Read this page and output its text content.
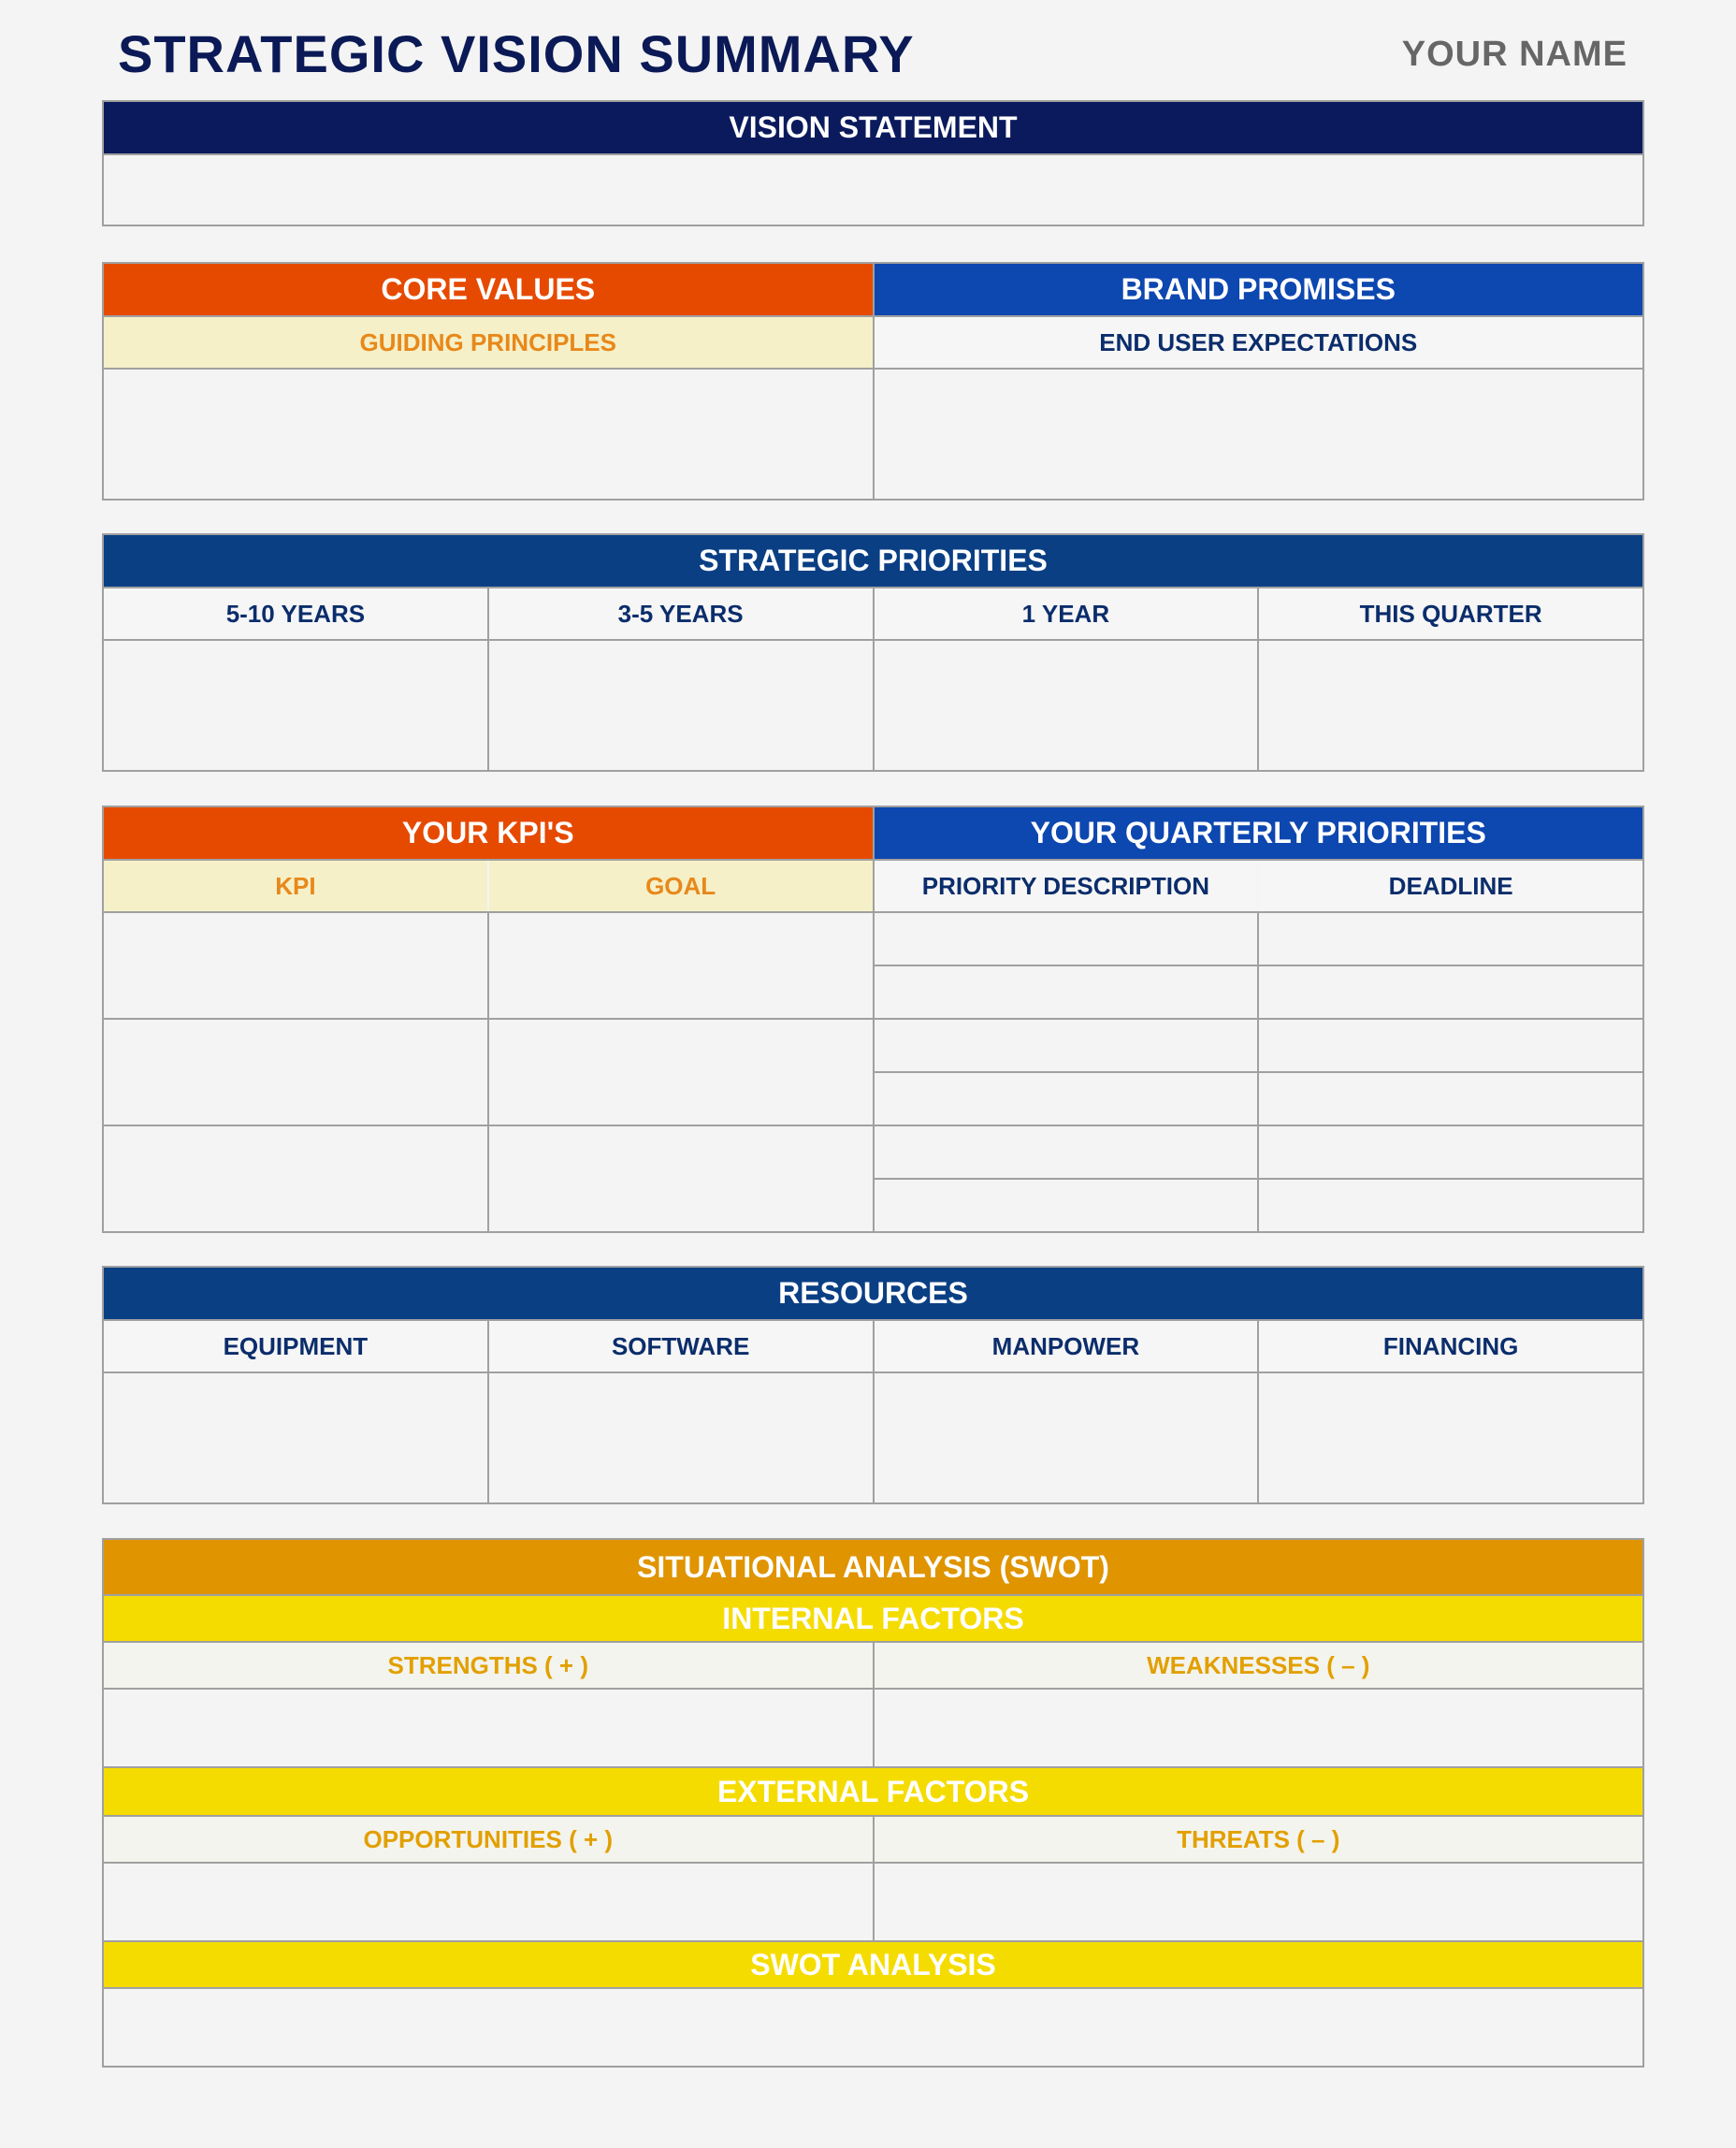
STRATEGIC VISION SUMMARY	YOUR NAME
VISION STATEMENT

CORE VALUES	BRAND PROMISES
GUIDING PRINCIPLES	END USER EXPECTATIONS

STRATEGIC PRIORITIES			
5-10 YEARS	3-5 YEARS	1 YEAR	THIS QUARTER

YOUR KPI'S		YOUR QUARTERLY PRIORITIES	
KPI	GOAL	PRIORITY DESCRIPTION	DEADLINE

RESOURCES			
EQUIPMENT	SOFTWARE	MANPOWER	FINANCING

SITUATIONAL ANALYSIS (SWOT)	
INTERNAL FACTORS	
STRENGTHS ( + )	WEAKNESSES ( – )

EXTERNAL FACTORS	
OPPORTUNITIES ( + )	THREATS ( – )

SWOT ANALYSIS	
